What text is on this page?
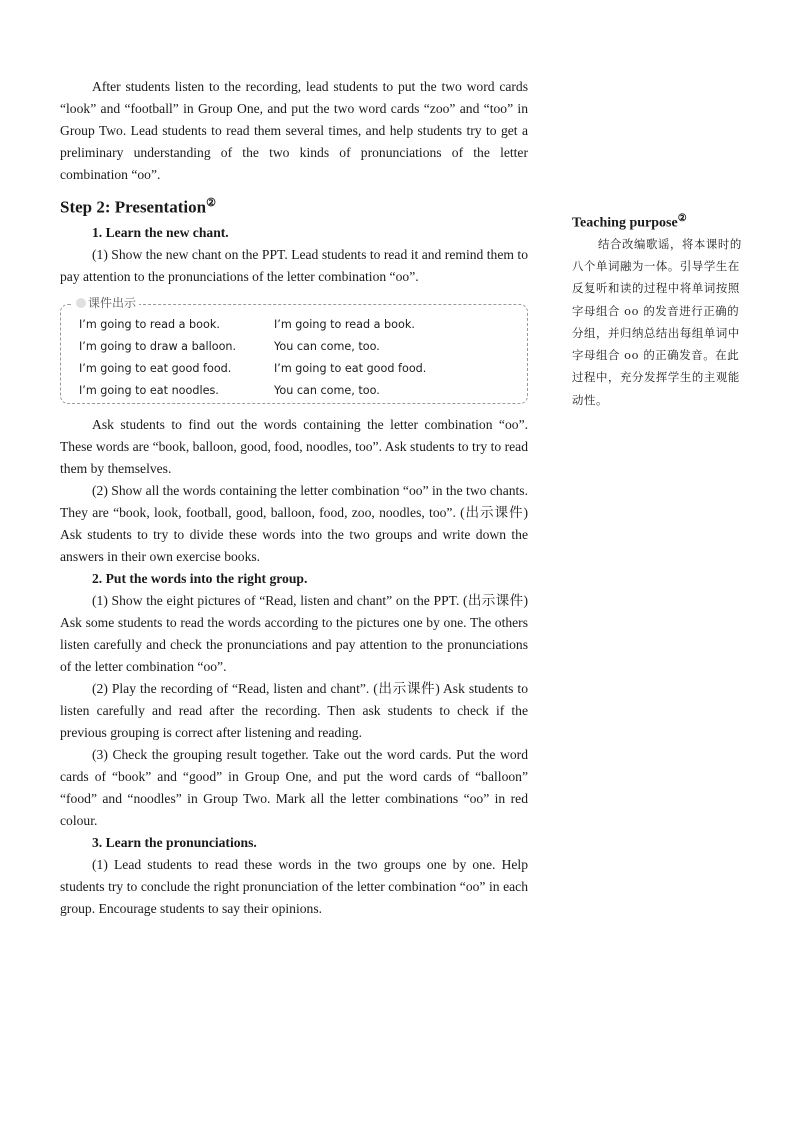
After students listen to the recording, lead students to put the two word cards “look” and “football” in Group One, and put the two word cards “zoo” and “too” in Group Two. Lead students to read them several times, and help students try to get a preliminary understanding of the two kinds of pronunciations of the letter combination “oo”.

Step 2: Presentation②

1. Learn the new chant.

(1) Show the new chant on the PPT. Lead students to read it and remind them to pay attention to the pronunciations of the letter combination “oo”.

课件出示
I’m going to read a book.
I’m going to draw a balloon.
I’m going to eat good food.
I’m going to eat noodles.
I’m going to read a book.
You can come, too.
I’m going to eat good food.
You can come, too.

Ask students to find out the words containing the letter combination “oo”. These words are “book, balloon, good, food, noodles, too”. Ask students to try to read them by themselves.

(2) Show all the words containing the letter combination “oo” in the two chants. They are “book, look, football, good, balloon, food, zoo, noodles, too”. (出示课件) Ask students to try to divide these words into the two groups and write down the answers in their own exercise books.

2. Put the words into the right group.

(1) Show the eight pictures of “Read, listen and chant” on the PPT. (出示课件) Ask some students to read the words according to the pictures one by one. The others listen carefully and check the pronunciations and pay attention to the pronunciations of the letter combination “oo”.

(2) Play the recording of “Read, listen and chant”. (出示课件) Ask students to listen carefully and read after the recording. Then ask students to check if the previous grouping is correct after listening and reading.

(3) Check the grouping result together. Take out the word cards. Put the word cards of “book” and “good” in Group One, and put the word cards of “balloon” “food” and “noodles” in Group Two. Mark all the letter combinations “oo” in red colour.

3. Learn the pronunciations.

(1) Lead students to read these words in the two groups one by one. Help students try to conclude the right pronunciation of the letter combination “oo” in each group. Encourage students to say their opinions.

Teaching purpose②

结合改编歌谣，将本课时的八个单词融为一体。引导学生在反复听和读的过程中将单词按照字母组合 oo 的发音进行正确的分组，并归纳总结出每组单词中字母组合 oo 的正确发音。在此过程中，充分发挥学生的主观能动性。
